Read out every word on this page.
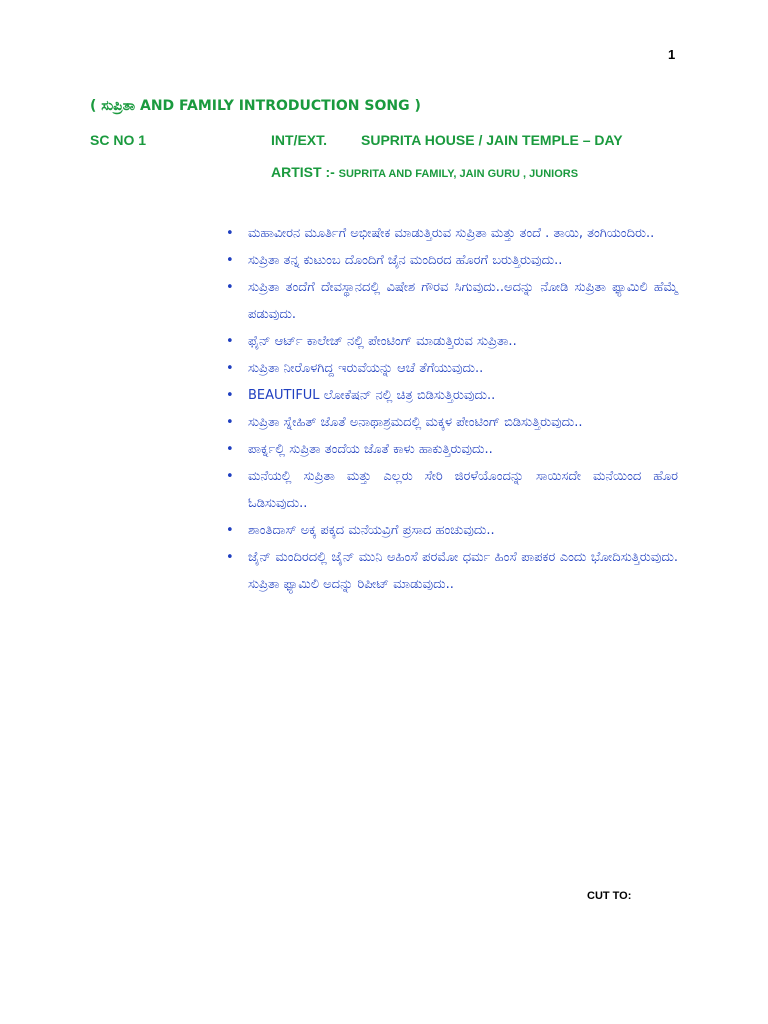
1
( ಸುಪ್ರಿತಾ AND FAMILY INTRODUCTION SONG )
SC NO 1	INT/EXT. SUPRITA HOUSE / JAIN TEMPLE – DAY
ARTIST :- SUPRITA AND FAMILY, JAIN GURU , JUNIORS
•	ಮಹಾವೀರನ ಮೂರ್ತಿಗೆ ಅಭೀಷೇಕ ಮಾಡುತ್ತಿರುವ ಸುಪ್ರಿತಾ ಮತ್ತು ತಂದೆ . ತಾಯಿ, ತಂಗಿಯಂದಿರು..
•	ಸುಪ್ರಿತಾ ತನ್ನ ಕುಟುಂಬ ದೊಂದಿಗೆ ಜೈನ ಮಂದಿರದ ಹೊರಗೆ ಬರುತ್ತಿರುವುದು..
•	ಸುಪ್ರಿತಾ ತಂದೆಗೆ ದೇವಸ್ಥಾನದಲ್ಲಿ ವಿಷೇಶ ಗೌರವ ಸಿಗುವುದು..ಅದನ್ನು ನೋಡಿ ಸುಪ್ರಿತಾ ಫ್ಯಾಮಿಲಿ ಹೆಮ್ಮೆ ಪಡುವುದು.
•	ಫೈನ್ ಆರ್ಟ್ ಕಾಲೇಜ್ ನಲ್ಲಿ ಪೇಂಟಿಂಗ್ ಮಾಡುತ್ತಿರುವ ಸುಪ್ರಿತಾ..
•	ಸುಪ್ರಿತಾ ನೀರೊಳಗಿದ್ದ ಇರುವೆಯನ್ನು ಆಚೆ ತೆಗೆಯುವುದು..
•	BEAUTIFUL ಲೋಕೆಷನ್ ನಲ್ಲಿ ಚಿತ್ರ ಬಿಡಿಸುತ್ತಿರುವುದು..
•	ಸುಪ್ರಿತಾ ಸ್ನೇಹಿತ್ ಜೊತೆ ಅನಾಥಾಶ್ರಮದಲ್ಲಿ ಮಕ್ಕಳ ಪೇಂಟಿಂಗ್ ಬಿಡಿಸುತ್ತಿರುವುದು..
•	ಪಾರ್ಕ್ನಲ್ಲಿ ಸುಪ್ರಿತಾ ತಂದೆಯ ಜೊತೆ ಕಾಳು ಹಾಕುತ್ತಿರುವುದು..
•	ಮನೆಯಲ್ಲಿ ಸುಪ್ರಿತಾ ಮತ್ತು ಎಲ್ಲರು ಸೇರಿ ಜಿರಳೆಯೊಂದನ್ನು ಸಾಯಿಸದೇ ಮನೆಯಿಂದ ಹೊರ ಓಡಿಸುವುದು..
•	ಶಾಂತಿದಾಸ್ ಅಕ್ಕ ಪಕ್ಕದ ಮನೆಯವ್ರಿಗೆ ಪ್ರಸಾದ ಹಂಚುವುದು..
•	ಜೈನ್ ಮಂದಿರದಲ್ಲಿ ಜೈನ್ ಮುನಿ ಅಹಿಂಸೆ ಪರಮೋ ಧರ್ಮ ಹಿಂಸೆ ಪಾಪಕರ ಎಂದು ಭೋದಿಸುತ್ತಿರುವುದು. ಸುಪ್ರಿತಾ ಫ್ಯಾಮಿಲಿ ಅದನ್ನು ರಿಪೀಟ್ ಮಾಡುವುದು..
CUT TO:
